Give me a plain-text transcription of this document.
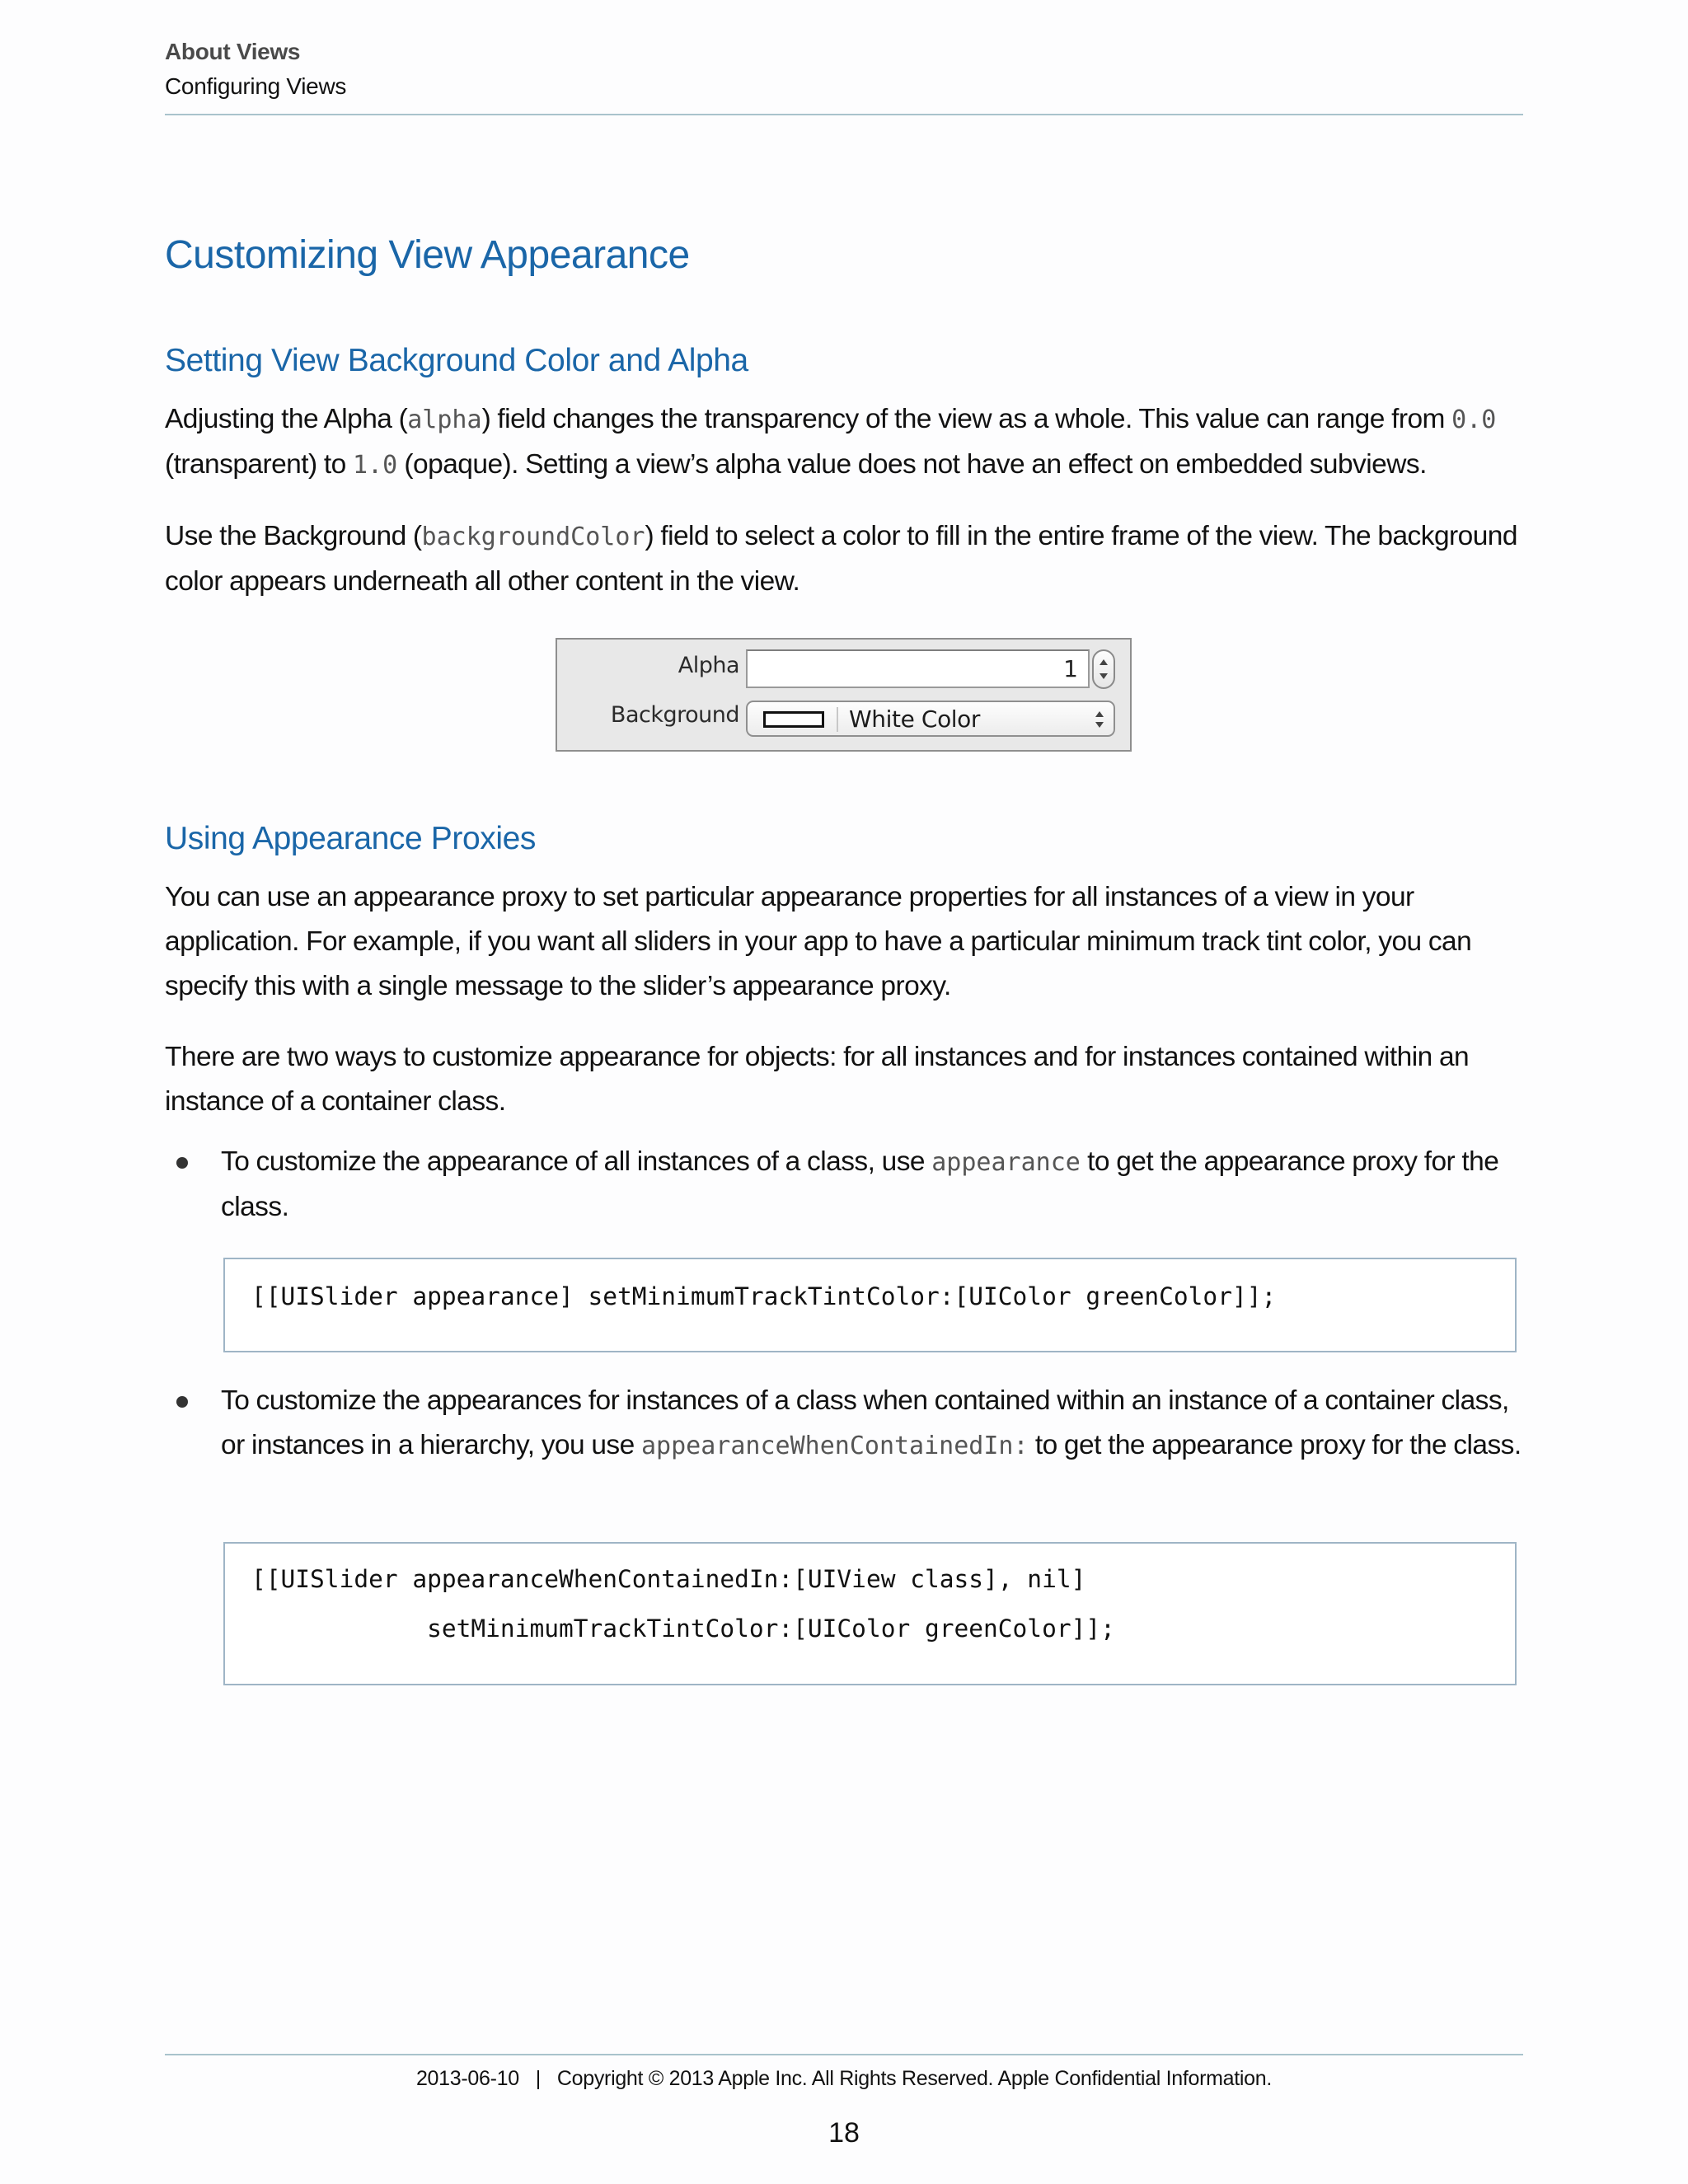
About Views
Configuring Views
Customizing View Appearance
Setting View Background Color and Alpha
Adjusting the Alpha (alpha) field changes the transparency of the view as a whole. This value can range from 0.0 (transparent) to 1.0 (opaque). Setting a view’s alpha value does not have an effect on embedded subviews.
Use the Background (backgroundColor) field to select a color to fill in the entire frame of the view. The background color appears underneath all other content in the view.
Alpha	1
Background	White Color
Using Appearance Proxies
You can use an appearance proxy to set particular appearance properties for all instances of a view in your application. For example, if you want all sliders in your app to have a particular minimum track tint color, you can specify this with a single message to the slider’s appearance proxy.
There are two ways to customize appearance for objects: for all instances and for instances contained within an instance of a container class.
To customize the appearance of all instances of a class, use appearance to get the appearance proxy for the class.
[[UISlider appearance] setMinimumTrackTintColor:[UIColor greenColor]];
To customize the appearances for instances of a class when contained within an instance of a container class, or instances in a hierarchy, you use appearanceWhenContainedIn: to get the appearance proxy for the class.
[[UISlider appearanceWhenContainedIn:[UIView class], nil]
setMinimumTrackTintColor:[UIColor greenColor]];
2013-06-10   |   Copyright © 2013 Apple Inc. All Rights Reserved. Apple Confidential Information.
18
